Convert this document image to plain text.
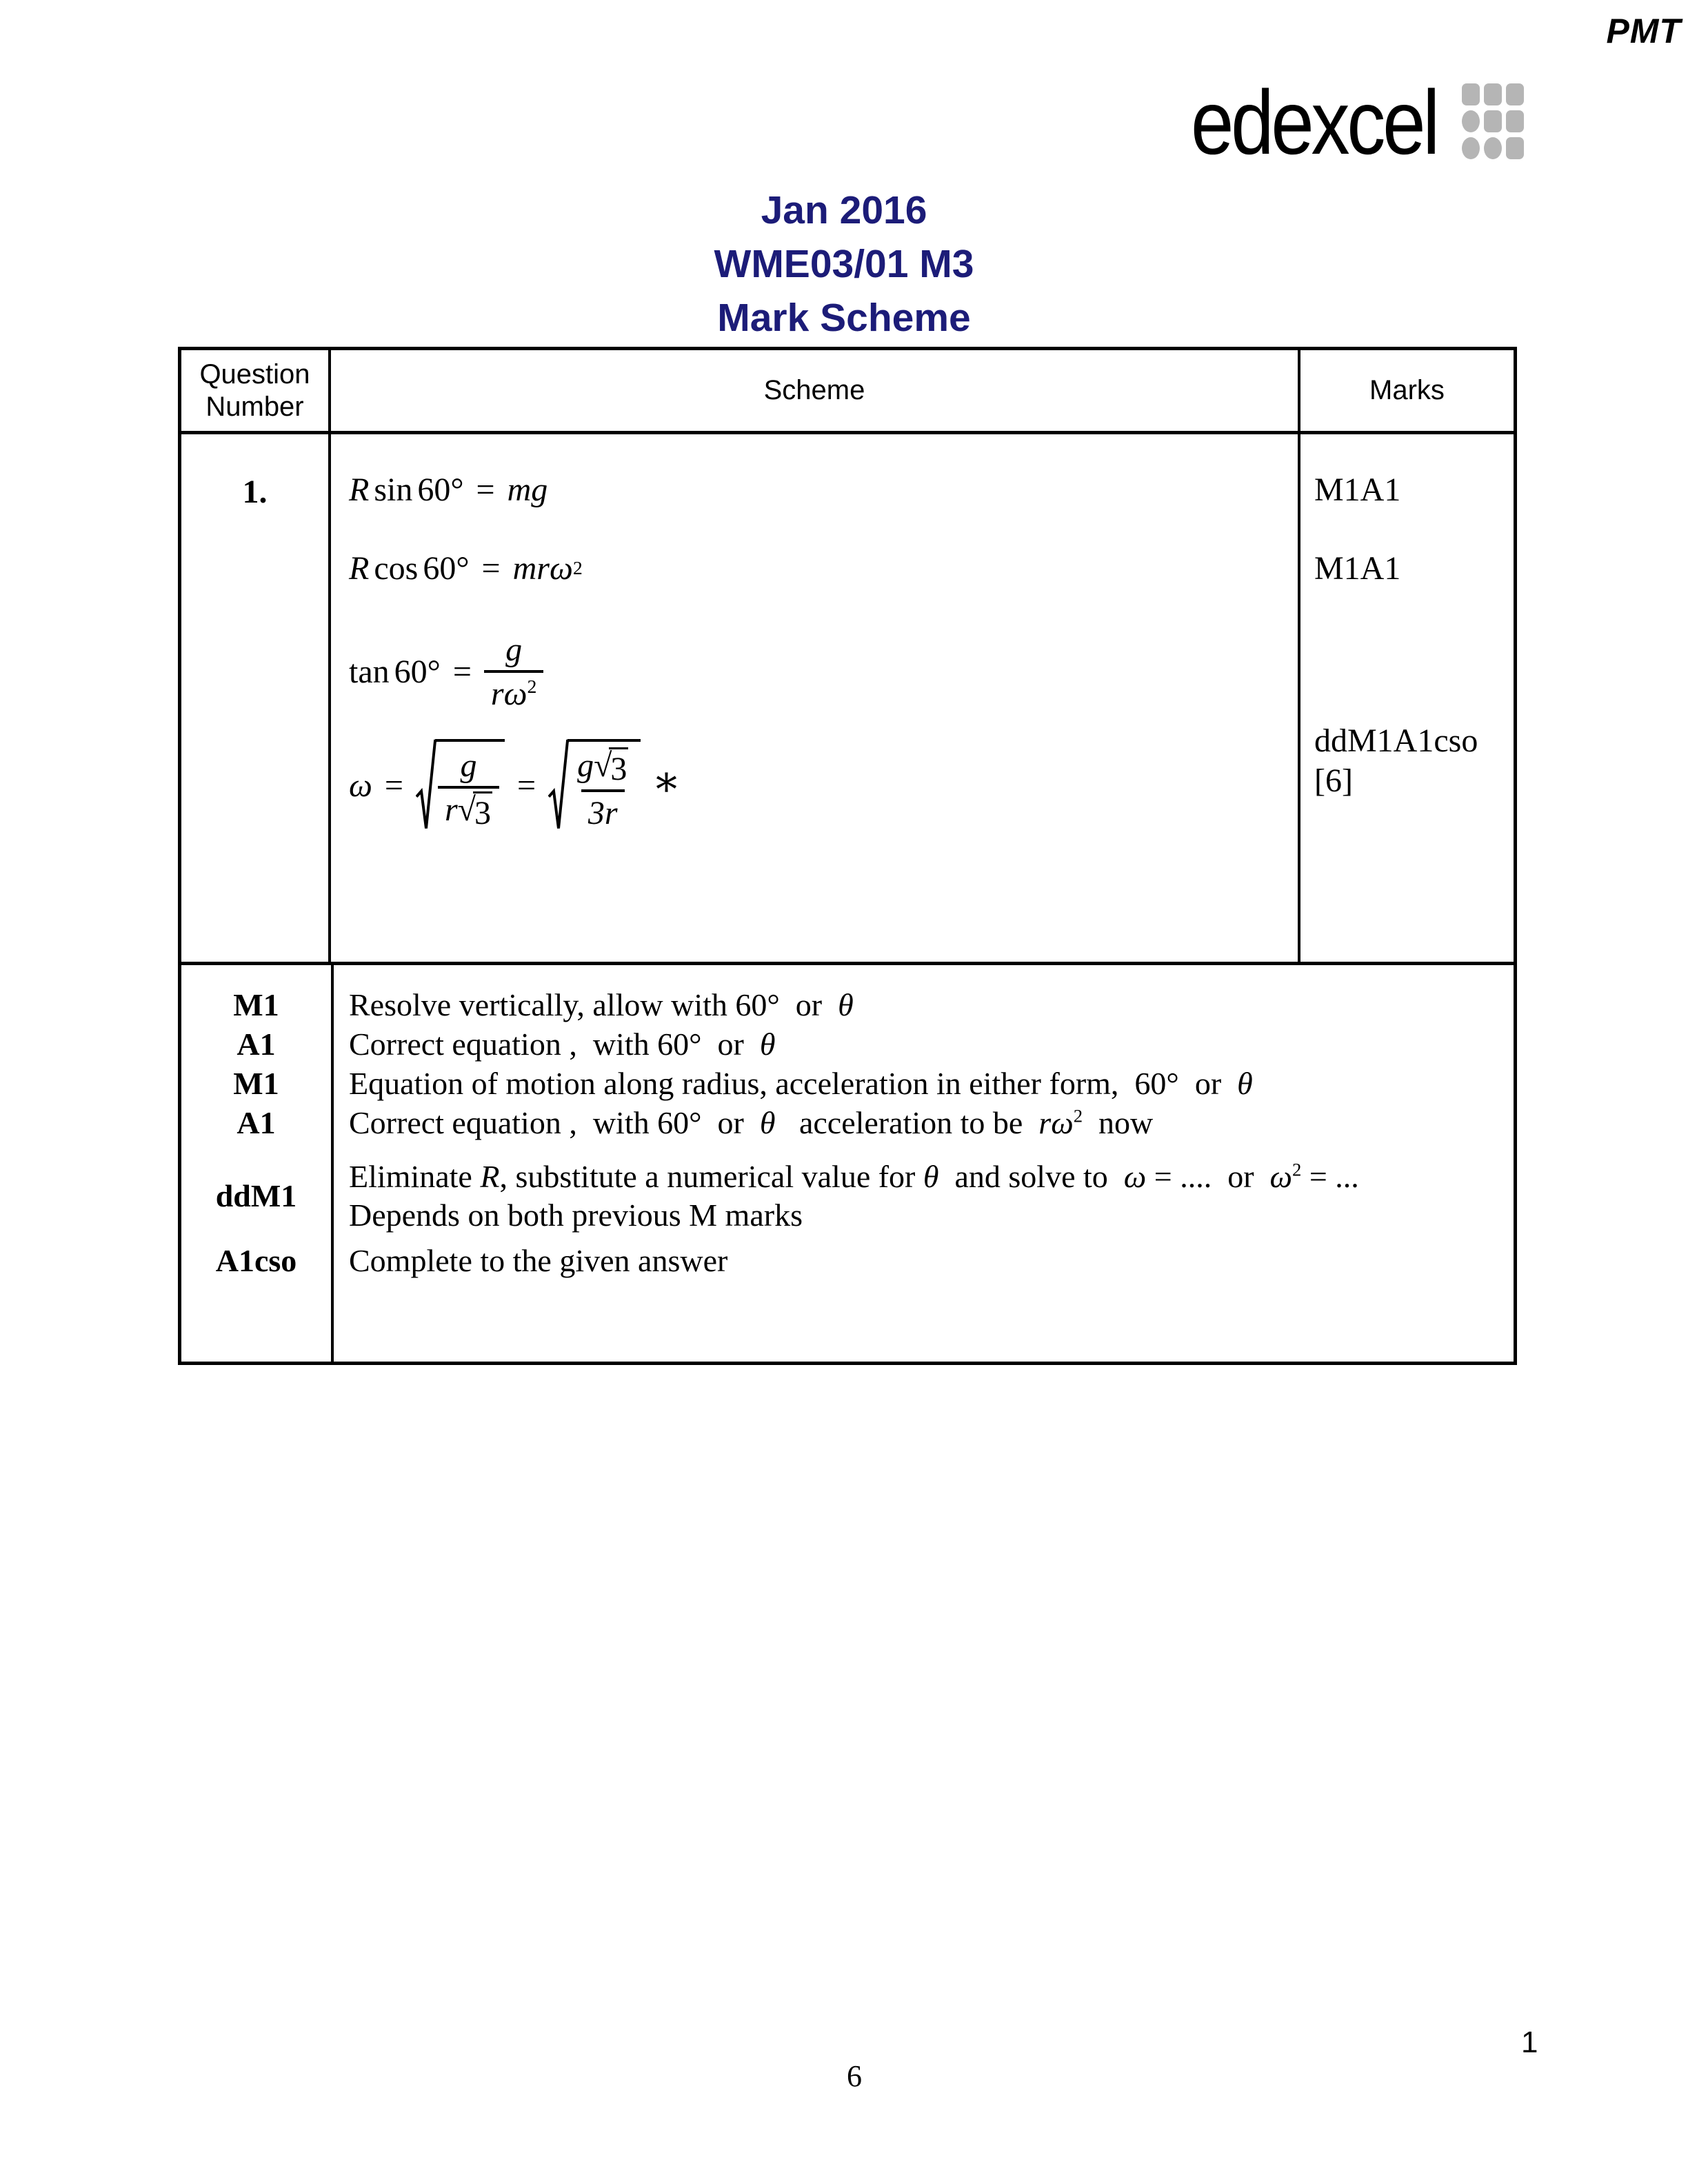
PMT
edexcel
Jan 2016
WME03/01 M3
Mark Scheme
Question
Number
Scheme	Marks
1.	R sin 60° = mg
R cos 60° = mr ω 2
$\tan 60^\circ = \frac{g}{r\omega^2}$
ω = g
r √
3 = g √
3
3r ∗
M1A1
M1A1
ddM1A1cso
[6]
M1
A1
M1
A1
ddM1
A1cso
Resolve vertically, allow with 60°  or  θ
Correct equation ,  with 60°  or  θ
Equation of motion along radius, acceleration in either form,  60°  or  θ
Correct equation ,  with 60°  or  θ   acceleration to be  $r\omega^2$  now
Eliminate R, substitute a numerical value for θ  and solve to  ω = ....  or  $\omega^2$ = ...
Depends on both previous M marks
Complete to the given answer
6
1
